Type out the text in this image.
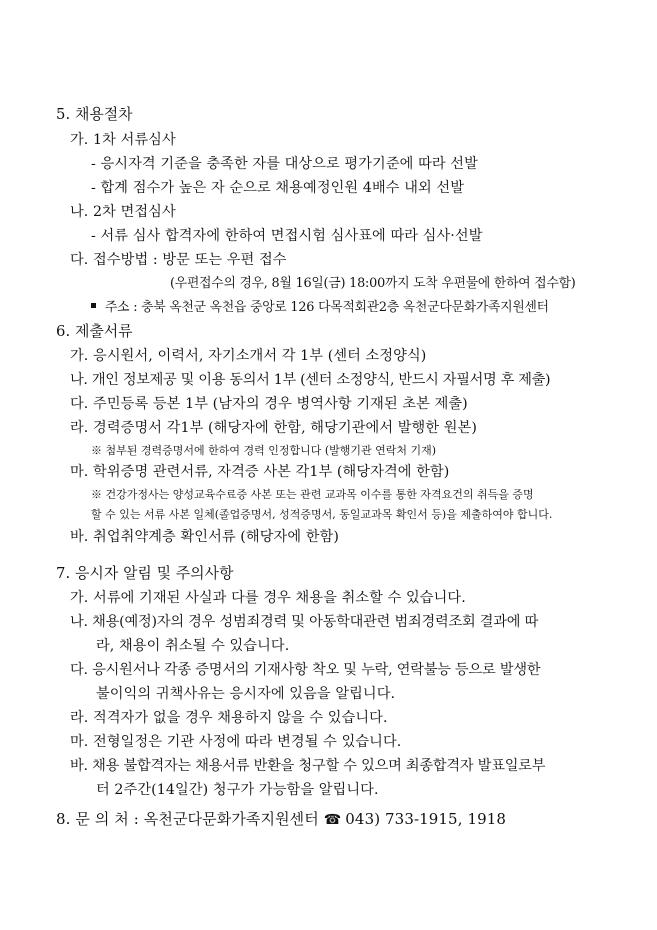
5. 채용절차
가. 1차 서류심사
- 응시자격 기준을 충족한 자를 대상으로 평가기준에 따라 선발
- 합계 점수가 높은 자 순으로 채용예정인원 4배수 내외 선발
나. 2차 면접심사
- 서류 심사 합격자에 한하여 면접시험 심사표에 따라 심사·선발
다. 접수방법 : 방문 또는 우편 접수
(우편접수의 경우, 8월 16일(금) 18:00까지 도착 우편물에 한하여 접수함)
주소 : 충북 옥천군 옥천읍 중앙로 126 다목적회관2층 옥천군다문화가족지원센터
6. 제출서류
가. 응시원서, 이력서, 자기소개서 각 1부 (센터 소정양식)
나. 개인 정보제공 및 이용 동의서 1부 (센터 소정양식, 반드시 자필서명 후 제출)
다. 주민등록 등본 1부 (남자의 경우 병역사항 기재된 초본 제출)
라. 경력증명서 각1부 (해당자에 한함, 해당기관에서 발행한 원본)
※ 첨부된 경력증명서에 한하여 경력 인정합니다 (발행기관 연락처 기재)
마. 학위증명 관련서류, 자격증 사본 각1부 (해당자격에 한함)
※ 건강가정사는 양성교육수료증 사본 또는 관련 교과목 이수를 통한 자격요건의 취득을 증명
할 수 있는 서류 사본 일체(졸업증명서, 성적증명서, 동일교과목 확인서 등)을 제출하여야 합니다.
바. 취업취약계층 확인서류 (해당자에 한함)
7. 응시자 알림 및 주의사항
가. 서류에 기재된 사실과 다를 경우 채용을 취소할 수 있습니다.
나. 채용(예정)자의 경우 성범죄경력 및 아동학대관련 범죄경력조회 결과에 따
라, 채용이 취소될 수 있습니다.
다. 응시원서나 각종 증명서의 기재사항 착오 및 누락, 연락불능 등으로 발생한
불이익의 귀책사유는 응시자에 있음을 알립니다.
라. 적격자가 없을 경우 채용하지 않을 수 있습니다.
마. 전형일정은 기관 사정에 따라 변경될 수 있습니다.
바. 채용 불합격자는 채용서류 반환을 청구할 수 있으며 최종합격자 발표일로부
터 2주간(14일간) 청구가 가능함을 알립니다.
8. 문 의 처 : 옥천군다문화가족지원센터 ☎ 043) 733-1915, 1918
